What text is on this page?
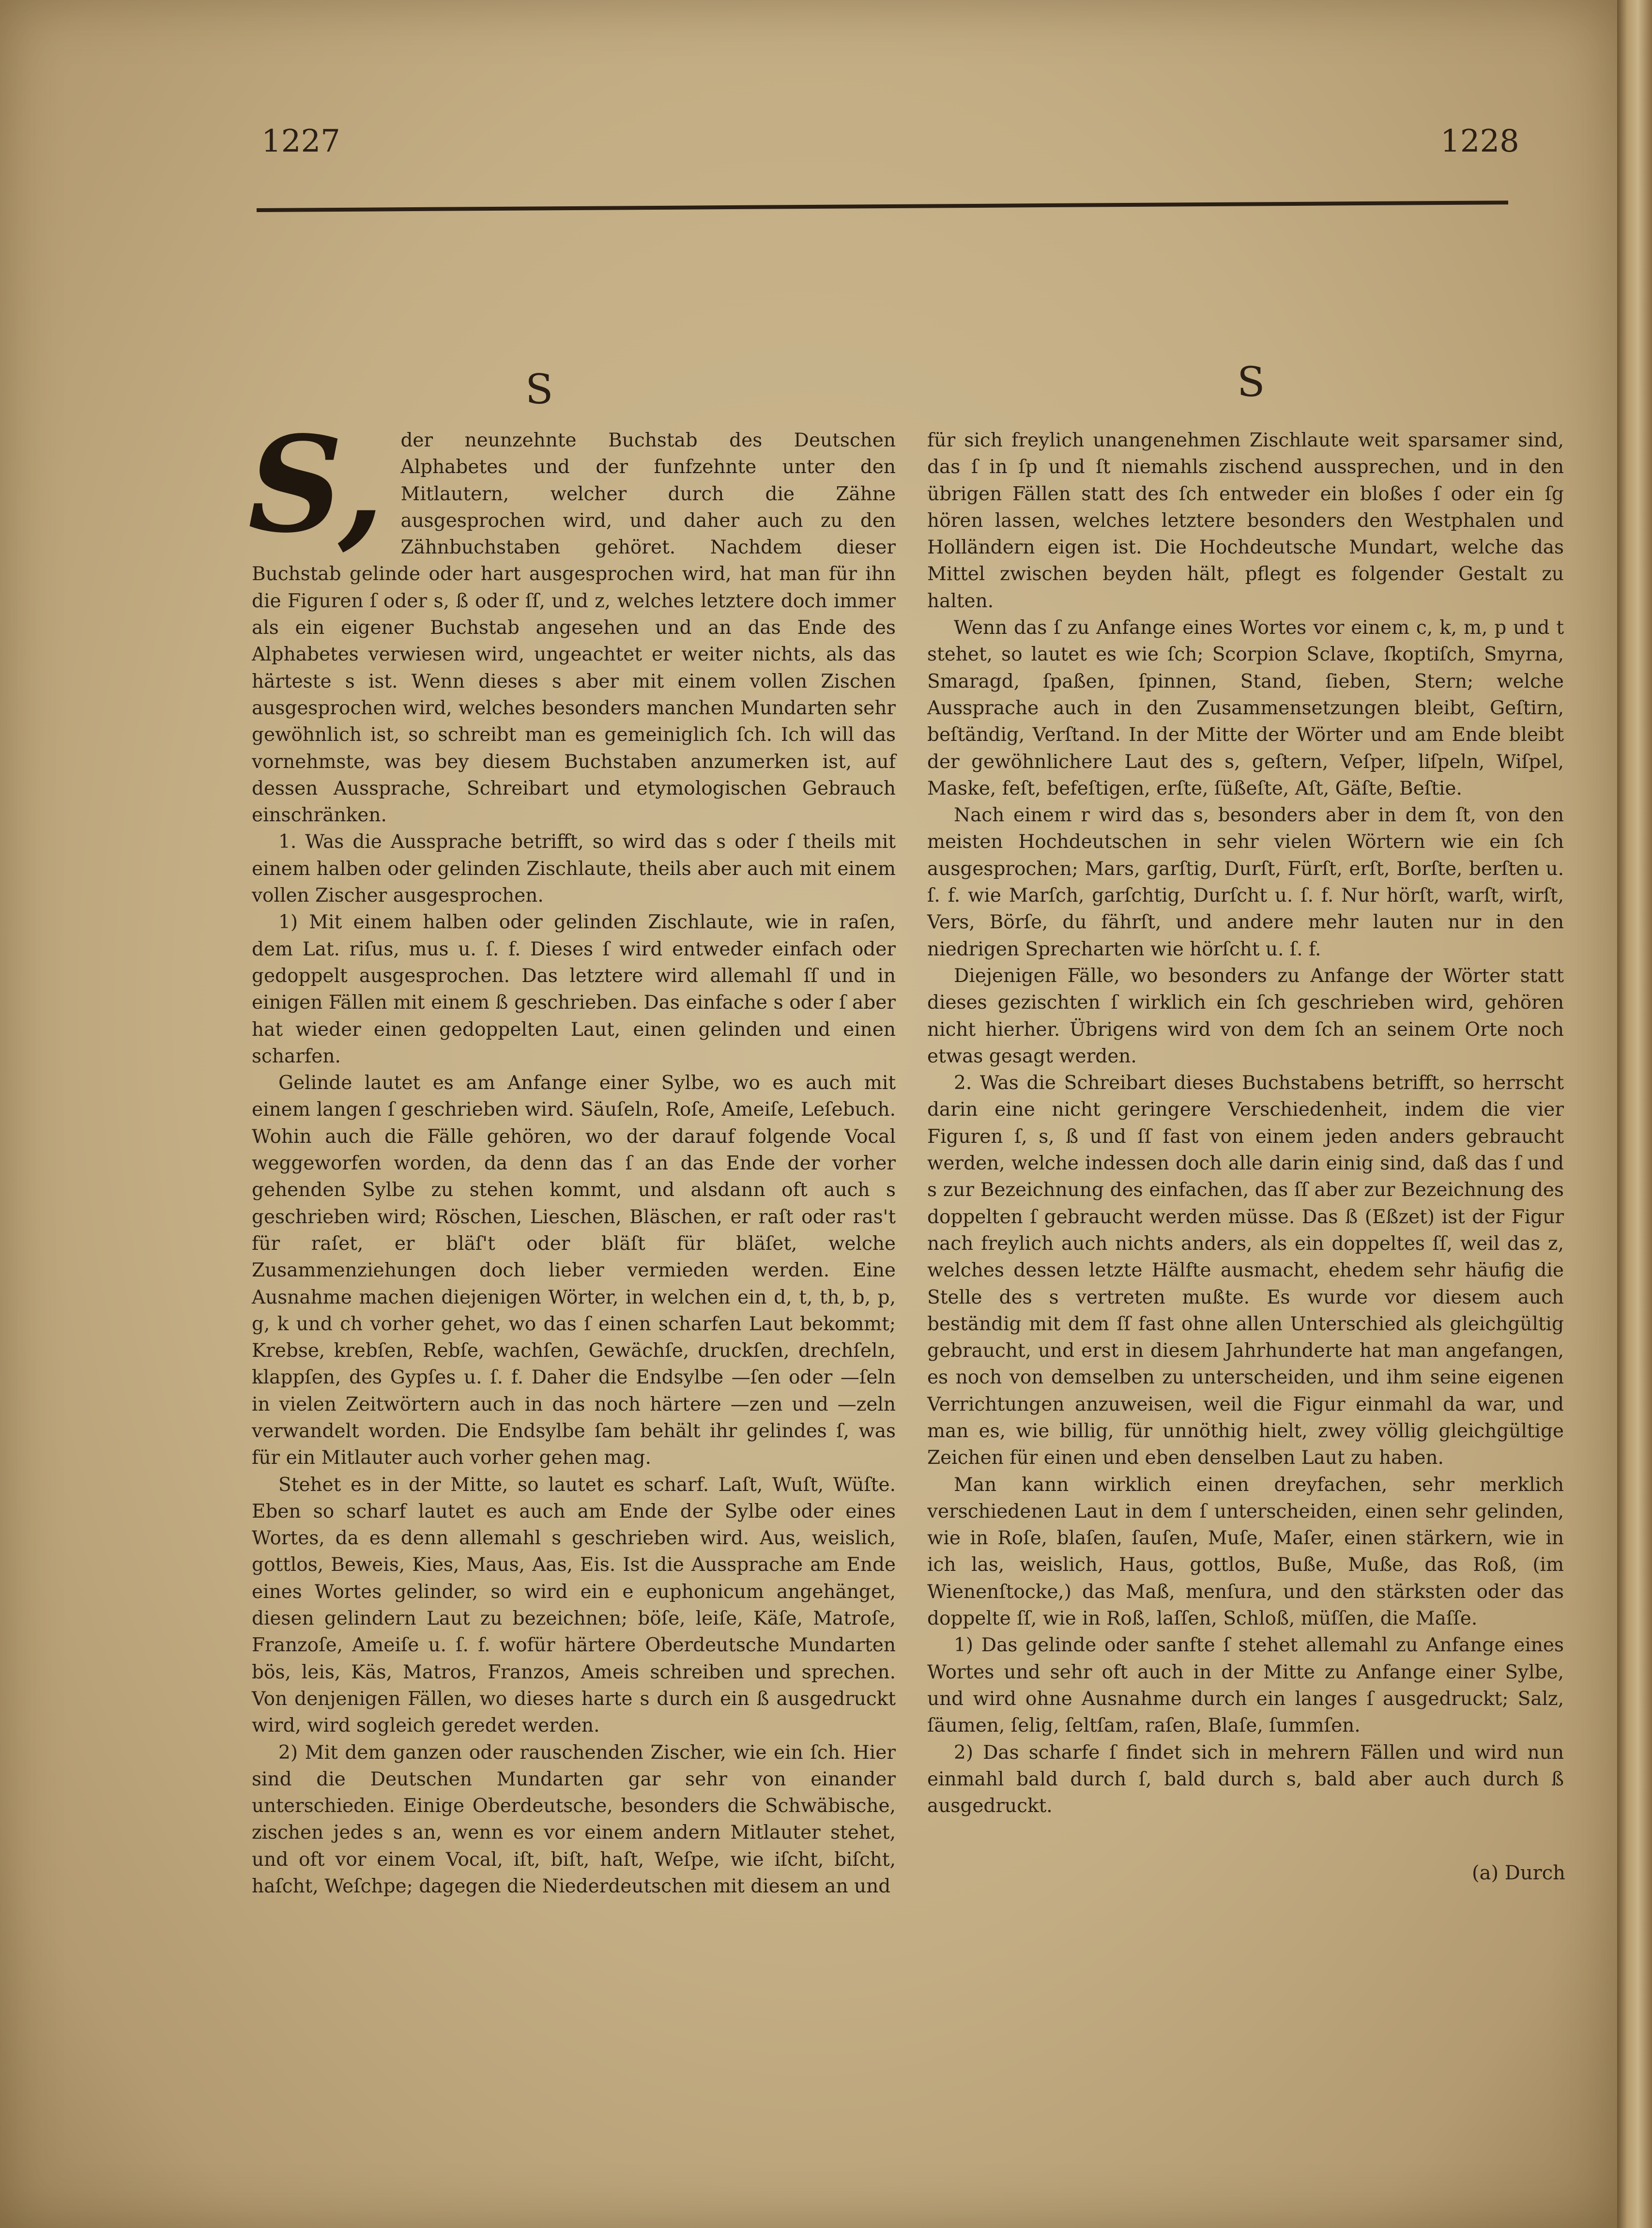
1227	1228
S	S

S, der neunzehnte Buchstab des Deutschen Alphabetes und der funfzehnte unter den Mitlautern, welcher durch die Zähne ausgesprochen wird, und daher auch zu den Zähnbuchstaben gehöret. Nachdem dieser Buchstab gelinde oder hart ausgesprochen wird, hat man für ihn die Figuren ſ oder s, ß oder ſſ, und z, welches letztere doch immer als ein eigener Buchstab angesehen und an das Ende des Alphabetes verwiesen wird, ungeachtet er weiter nichts, als das härteste s ist. Wenn dieses s aber mit einem vollen Zischen ausgesprochen wird, welches besonders manchen Mundarten sehr gewöhnlich ist, so schreibt man es gemeiniglich ſch. Ich will das vornehmste, was bey diesem Buchstaben anzumerken ist, auf dessen Aussprache, Schreibart und etymologischen Gebrauch einschränken.

1. Was die Aussprache betrifft, so wird das s oder ſ theils mit einem halben oder gelinden Zischlaute, theils aber auch mit einem vollen Zischer ausgesprochen.

1) Mit einem halben oder gelinden Zischlaute, wie in raſen, dem Lat. riſus, mus u. ſ. f. Dieses ſ wird entweder einfach oder gedoppelt ausgesprochen. Das letztere wird allemahl ſſ und in einigen Fällen mit einem ß geschrieben. Das einfache s oder ſ aber hat wieder einen gedoppelten Laut, einen gelinden und einen scharfen.

Gelinde lautet es am Anfange einer Sylbe, wo es auch mit einem langen ſ geschrieben wird. Säuſeln, Roſe, Ameiſe, Leſebuch. Wohin auch die Fälle gehören, wo der darauf folgende Vocal weggeworfen worden, da denn das ſ an das Ende der vorher gehenden Sylbe zu stehen kommt, und alsdann oft auch s geschrieben wird; Röschen, Lieschen, Bläschen, er raſt oder ras't für raſet, er bläſ't oder bläſt für bläſet, welche Zusammenziehungen doch lieber vermieden werden. Eine Ausnahme machen diejenigen Wörter, in welchen ein d, t, th, b, p, g, k und ch vorher gehet, wo das ſ einen scharfen Laut bekommt; Krebse, krebſen, Rebſe, wachſen, Gewächſe, druckſen, drechſeln, klappſen, des Gypſes u. ſ. f. Daher die Endsylbe —ſen oder —ſeln in vielen Zeitwörtern auch in das noch härtere —zen und —zeln verwandelt worden. Die Endsylbe ſam behält ihr gelindes ſ, was für ein Mitlauter auch vorher gehen mag.

Stehet es in der Mitte, so lautet es scharf. Laſt, Wuſt, Wüſte. Eben so scharf lautet es auch am Ende der Sylbe oder eines Wortes, da es denn allemahl s geschrieben wird. Aus, weislich, gottlos, Beweis, Kies, Maus, Aas, Eis. Ist die Aussprache am Ende eines Wortes gelinder, so wird ein e euphonicum angehänget, diesen gelindern Laut zu bezeichnen; böſe, leiſe, Käſe, Matroſe, Franzoſe, Ameiſe u. ſ. f. wofür härtere Oberdeutsche Mundarten bös, leis, Käs, Matros, Franzos, Ameis schreiben und sprechen. Von denjenigen Fällen, wo dieses harte s durch ein ß ausgedruckt wird, wird sogleich geredet werden.

2) Mit dem ganzen oder rauschenden Zischer, wie ein ſch. Hier sind die Deutschen Mundarten gar sehr von einander unterschieden. Einige Oberdeutsche, besonders die Schwäbische, zischen jedes s an, wenn es vor einem andern Mitlauter stehet, und oft vor einem Vocal, iſt, biſt, haſt, Weſpe, wie iſcht, biſcht, haſcht, Weſchpe; dagegen die Niederdeutschen mit diesem an und

für sich freylich unangenehmen Zischlaute weit sparsamer sind, das ſ in ſp und ſt niemahls zischend aussprechen, und in den übrigen Fällen statt des ſch entweder ein bloßes ſ oder ein ſg hören lassen, welches letztere besonders den Westphalen und Holländern eigen ist. Die Hochdeutsche Mundart, welche das Mittel zwischen beyden hält, pflegt es folgender Gestalt zu halten.

Wenn das ſ zu Anfange eines Wortes vor einem c, k, m, p und t stehet, so lautet es wie ſch; Scorpion Sclave, ſkoptiſch, Smyrna, Smaragd, ſpaßen, ſpinnen, Stand, ſieben, Stern; welche Aussprache auch in den Zusammensetzungen bleibt, Geſtirn, beſtändig, Verſtand. In der Mitte der Wörter und am Ende bleibt der gewöhnlichere Laut des s, geſtern, Veſper, liſpeln, Wiſpel, Maske, feſt, befeſtigen, erſte, ſüßeſte, Aſt, Gäſte, Beſtie.

Nach einem r wird das s, besonders aber in dem ſt, von den meisten Hochdeutschen in sehr vielen Wörtern wie ein ſch ausgesprochen; Mars, garſtig, Durſt, Fürſt, erſt, Borſte, berſten u. ſ. f. wie Marſch, garſchtig, Durſcht u. ſ. f. Nur hörſt, warſt, wirſt, Vers, Börſe, du fährſt, und andere mehr lauten nur in den niedrigen Sprecharten wie hörſcht u. ſ. f.

Diejenigen Fälle, wo besonders zu Anfange der Wörter statt dieses gezischten ſ wirklich ein ſch geschrieben wird, gehören nicht hierher. Übrigens wird von dem ſch an seinem Orte noch etwas gesagt werden.

2. Was die Schreibart dieses Buchstabens betrifft, so herrscht darin eine nicht geringere Verschiedenheit, indem die vier Figuren ſ, s, ß und ſſ fast von einem jeden anders gebraucht werden, welche indessen doch alle darin einig sind, daß das ſ und s zur Bezeichnung des einfachen, das ſſ aber zur Bezeichnung des doppelten ſ gebraucht werden müsse. Das ß (Eßzet) ist der Figur nach freylich auch nichts anders, als ein doppeltes ſſ, weil das z, welches dessen letzte Hälfte ausmacht, ehedem sehr häufig die Stelle des s vertreten mußte. Es wurde vor diesem auch beständig mit dem ſſ fast ohne allen Unterschied als gleichgültig gebraucht, und erst in diesem Jahrhunderte hat man angefangen, es noch von demselben zu unterscheiden, und ihm seine eigenen Verrichtungen anzuweisen, weil die Figur einmahl da war, und man es, wie billig, für unnöthig hielt, zwey völlig gleichgültige Zeichen für einen und eben denselben Laut zu haben.

Man kann wirklich einen dreyfachen, sehr merklich verschiedenen Laut in dem ſ unterscheiden, einen sehr gelinden, wie in Roſe, blaſen, ſauſen, Muſe, Maſer, einen stärkern, wie in ich las, weislich, Haus, gottlos, Buße, Muße, das Roß, (im Wienenſtocke,) das Maß, menſura, und den stärksten oder das doppelte ſſ, wie in Roß, laſſen, Schloß, müſſen, die Maſſe.

1) Das gelinde oder sanfte ſ stehet allemahl zu Anfange eines Wortes und sehr oft auch in der Mitte zu Anfange einer Sylbe, und wird ohne Ausnahme durch ein langes ſ ausgedruckt; Salz, ſäumen, ſelig, ſeltſam, raſen, Blaſe, ſummſen.

2) Das scharfe ſ findet sich in mehrern Fällen und wird nun einmahl bald durch ſ, bald durch s, bald aber auch durch ß ausgedruckt.

(a) Durch
